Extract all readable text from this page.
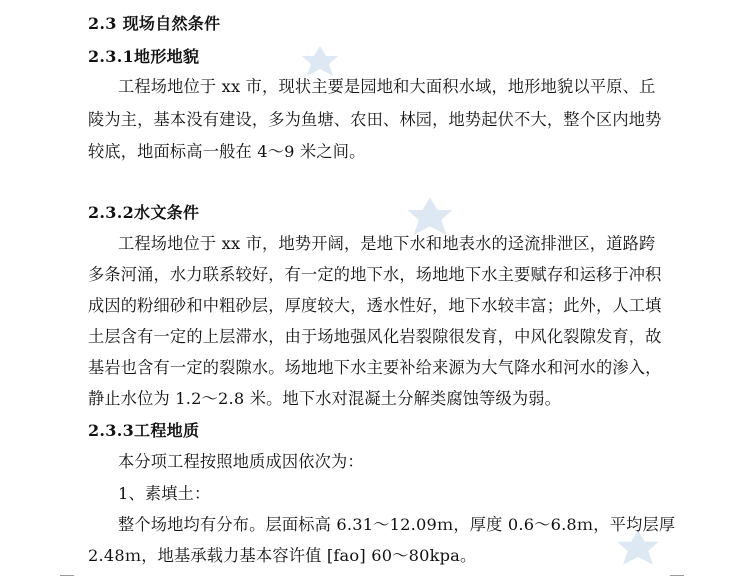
2.3 现场自然条件
2.3.1地形地貌
工程场地位于 xx 市，现状主要是园地和大面积水域，地形地貌以平原、丘
陵为主，基本没有建设，多为鱼塘、农田、林园，地势起伏不大，整个区内地势
较底，地面标高一般在 4～9 米之间。
2.3.2水文条件
工程场地位于 xx 市，地势开阔，是地下水和地表水的迳流排泄区，道路跨
多条河涌，水力联系较好，有一定的地下水，场地地下水主要赋存和运移于冲积
成因的粉细砂和中粗砂层，厚度较大，透水性好，地下水较丰富；此外，人工填
土层含有一定的上层滞水，由于场地强风化岩裂隙很发育，中风化裂隙发育，故
基岩也含有一定的裂隙水。场地地下水主要补给来源为大气降水和河水的渗入，
静止水位为 1.2～2.8 米。地下水对混凝土分解类腐蚀等级为弱。
2.3.3工程地质
本分项工程按照地质成因依次为：
1、素填土：
整个场地均有分布。层面标高 6.31～12.09ｍ，厚度 0.6～6.8ｍ，平均层厚
2.48ｍ，地基承载力基本容许值 [fao] 60～80kpa。
